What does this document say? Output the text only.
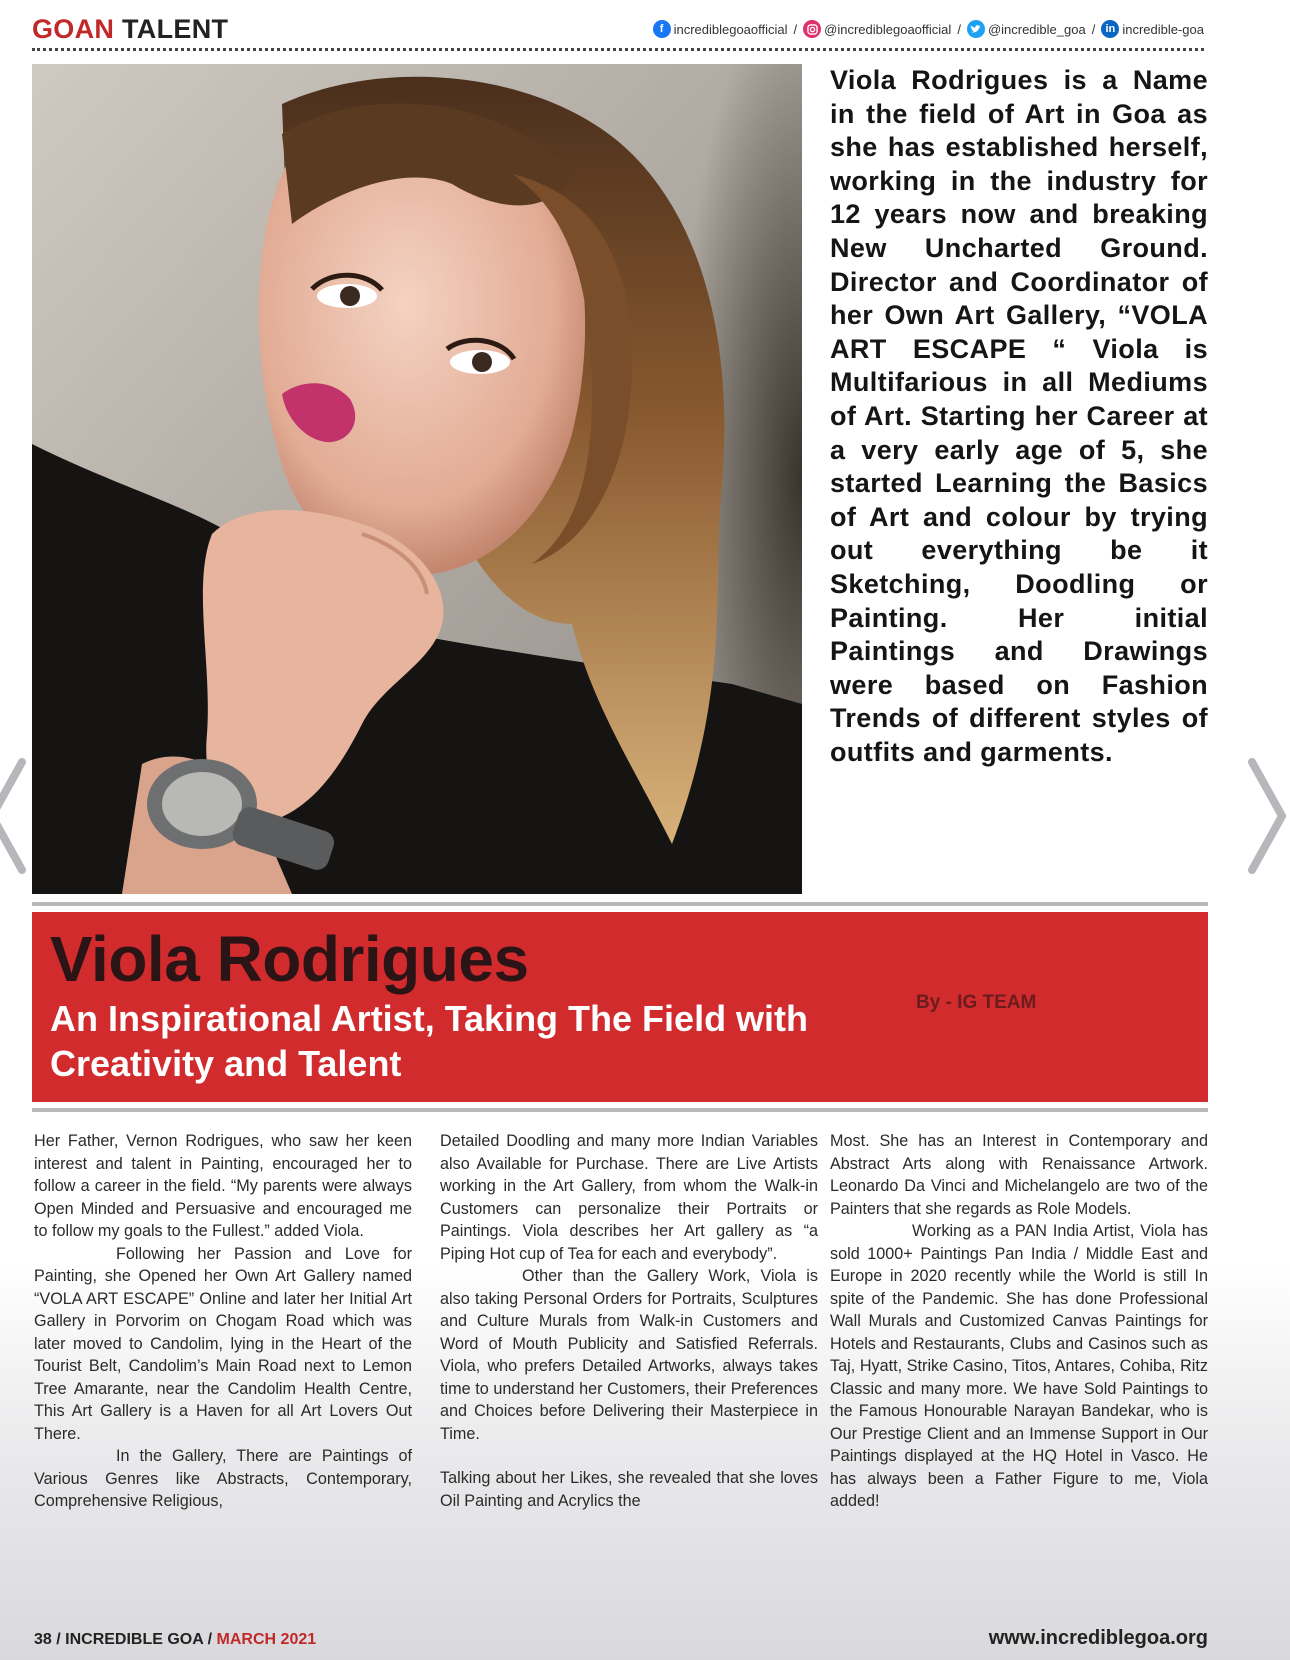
GOAN TALENT	f incrediblegoaofficial / @incrediblegoaofficial / @incredible_goa / in incredible-goa
Viola Rodrigues is a Name in the field of Art in Goa as she has established herself, working in the industry for 12 years now and breaking New Uncharted Ground. Director and Coordinator of her Own Art Gallery, “VOLA ART ESCAPE “ Viola is Multifarious in all Mediums of Art. Starting her Career at a very early age of 5, she started Learning the Basics of Art and colour by trying out everything be it Sketching, Doodling or Painting. Her initial Paintings and Drawings were based on Fashion Trends of different styles of outfits and garments.
Viola Rodrigues
An Inspirational Artist, Taking The Field with Creativity and Talent
By - IG TEAM

Her Father, Vernon Rodrigues, who saw her keen interest and talent in Painting, encouraged her to follow a career in the field. “My parents were always Open Minded and Persuasive and encouraged me to follow my goals to the Fullest.” added Viola.

Following her Passion and Love for Painting, she Opened her Own Art Gallery named “VOLA ART ESCAPE” Online and later her Initial Art Gallery in Porvorim on Chogam Road which was later moved to Candolim, lying in the Heart of the Tourist Belt, Candolim’s Main Road next to Lemon Tree Amarante, near the Candolim Health Centre, This Art Gallery is a Haven for all Art Lovers Out There.

In the Gallery, There are Paintings of Various Genres like Abstracts, Contemporary, Comprehensive Religious,

Detailed Doodling and many more Indian Variables also Available for Purchase. There are Live Artists working in the Art Gallery, from whom the Walk-in Customers can personalize their Portraits or Paintings. Viola describes her Art gallery as “a Piping Hot cup of Tea for each and everybody”.

Other than the Gallery Work, Viola is also taking Personal Orders for Portraits, Sculptures and Culture Murals from Walk-in Customers and Word of Mouth Publicity and Satisfied Referrals. Viola, who prefers Detailed Artworks, always takes time to understand her Customers, their Preferences and Choices before Delivering their Masterpiece in Time.

Talking about her Likes, she revealed that she loves Oil Painting and Acrylics the

Most. She has an Interest in Contemporary and Abstract Arts along with Renaissance Artwork. Leonardo Da Vinci and Michelangelo are two of the Painters that she regards as Role Models.

Working as a PAN India Artist, Viola has sold 1000+ Paintings Pan India / Middle East and Europe in 2020 recently while the World is still In spite of the Pandemic. She has done Professional Wall Murals and Customized Canvas Paintings for Hotels and Restaurants, Clubs and Casinos such as Taj, Hyatt, Strike Casino, Titos, Antares, Cohiba, Ritz Classic and many more. We have Sold Paintings to the Famous Honourable Narayan Bandekar, who is Our Prestige Client and an Immense Support in Our Paintings displayed at the HQ Hotel in Vasco. He has always been a Father Figure to me, Viola added!

38 / INCREDIBLE GOA / MARCH 2021	www.incrediblegoa.org
